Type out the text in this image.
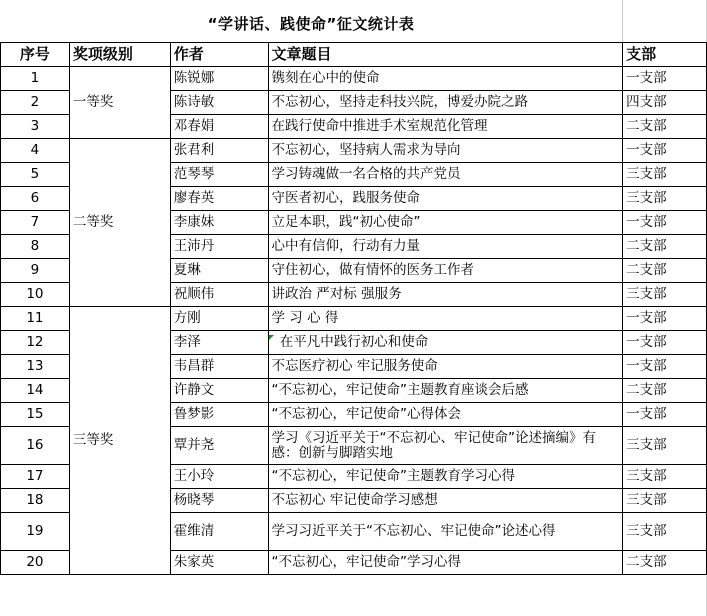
“学讲话、践使命”征文统计表
序号	奖项级别	作者	文章题目	支部
1	一等奖	陈锐娜	镌刻在心中的使命	一支部
2		陈诗敏	不忘初心，坚持走科技兴院，博爱办院之路	四支部
3		邓春娟	在践行使命中推进手术室规范化管理	二支部
4	二等奖	张君利	不忘初心，坚持病人需求为导向	一支部
5		范琴琴	学习铸魂做一名合格的共产党员	三支部
6		廖春英	守医者初心，践服务使命	三支部
7		李康妹	立足本职，践“初心使命”	一支部
8		王沛丹	心中有信仰，行动有力量	二支部
9		夏琳	守住初心，做有情怀的医务工作者	二支部
10		祝顺伟	讲政治 严对标 强服务	三支部
11	三等奖	方刚	学 习 心 得	一支部
12		李泽	在平凡中践行初心和使命	一支部
13		韦昌群	不忘医疗初心 牢记服务使命	一支部
14		许静文	“不忘初心，牢记使命”主题教育座谈会后感	二支部
15		鲁梦影	“不忘初心，牢记使命”心得体会	一支部
16		覃并尧	学习《习近平关于“不忘初心、牢记使命”论述摘编》有感：创新与脚踏实地	三支部
17		王小玲	“不忘初心，牢记使命”主题教育学习心得	三支部
18		杨晓琴	不忘初心 牢记使命学习感想	三支部
19		霍维清	学习习近平关于“不忘初心、牢记使命”论述心得	三支部
20		朱家英	“不忘初心，牢记使命”学习心得	二支部
